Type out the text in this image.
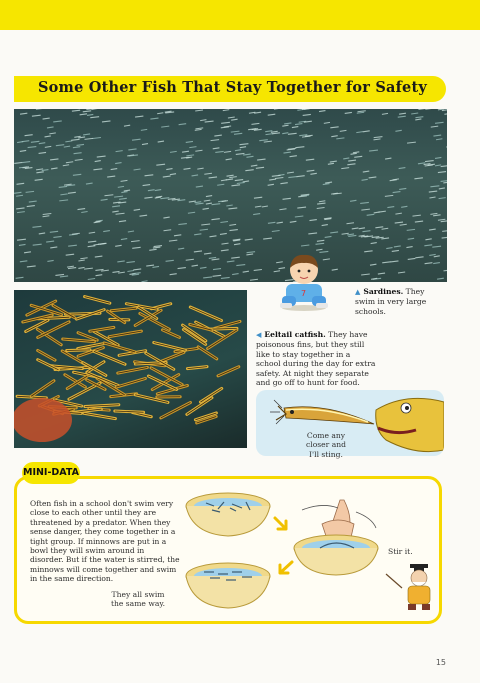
Some Other Fish That Stay Together for Safety
7	▲ Sardines. They swim in very large schools.
◀ Eeltail catfish. They have poisonous fins, but they still like to stay together in a school during the day for extra safety. At night they separate and go off to hunt for food.
Come any closer and I'll sting.
MINI-DATA
Often fish in a school don't swim very close to each other until they are threatened by a predator. When they sense danger, they come together in a tight group. If minnows are put in a bowl they will swim around in disorder. But if the water is stirred, the minnows will come together and swim in the same direction.
Stir it.
They all swim the same way.
15
